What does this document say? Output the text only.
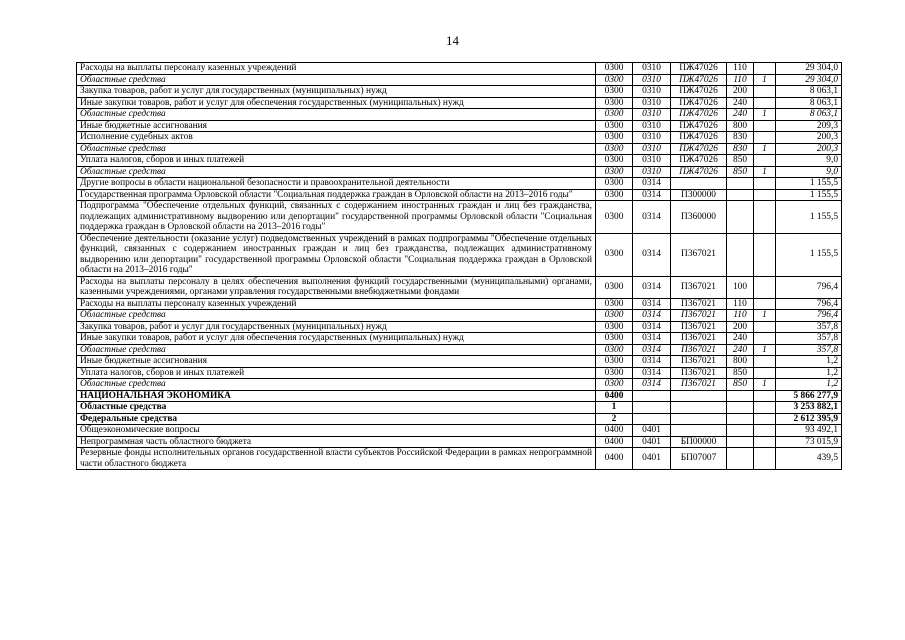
14
Расходы на выплаты персоналу казенных учреждений	0300	0310	ПЖ47026	110		29 304,0
Областные средства	0300	0310	ПЖ47026	110	1	29 304,0
Закупка товаров, работ и услуг для государственных (муниципальных) нужд	0300	0310	ПЖ47026	200		8 063,1
Иные закупки товаров, работ и услуг для обеспечения государственных (муниципальных) нужд	0300	0310	ПЖ47026	240		8 063,1
Областные средства	0300	0310	ПЖ47026	240	1	8 063,1
Иные бюджетные ассигнования	0300	0310	ПЖ47026	800		209,3
Исполнение судебных актов	0300	0310	ПЖ47026	830		200,3
Областные средства	0300	0310	ПЖ47026	830	1	200,3
Уплата налогов, сборов и иных платежей	0300	0310	ПЖ47026	850		9,0
Областные средства	0300	0310	ПЖ47026	850	1	9,0
Другие вопросы в области национальной безопасности и правоохранительной деятельности	0300	0314				1 155,5
Государственная программа Орловской области "Социальная поддержка граждан в Орловской области на 2013–2016 годы"	0300	0314	П300000			1 155,5
Подпрограмма "Обеспечение отдельных функций, связанных с содержанием иностранных граждан и лиц без гражданства, подлежащих административному выдворению или депортации" государственной программы Орловской области "Социальная поддержка граждан в Орловской области на 2013–2016 годы"	0300	0314	П360000			1 155,5
Обеспечение деятельности (оказание услуг) подведомственных учреждений в рамках подпрограммы "Обеспечение отдельных функций, связанных с содержанием иностранных граждан и лиц без гражданства, подлежащих административному выдворению или депортации" государственной программы Орловской области "Социальная поддержка граждан в Орловской области на 2013–2016 годы"	0300	0314	П367021			1 155,5
Расходы на выплаты персоналу в целях обеспечения выполнения функций государственными (муниципальными) органами, казенными учреждениями, органами управления государственными внебюджетными фондами	0300	0314	П367021	100		796,4
Расходы на выплаты персоналу казенных учреждений	0300	0314	П367021	110		796,4
Областные средства	0300	0314	П367021	110	1	796,4
Закупка товаров, работ и услуг для государственных (муниципальных) нужд	0300	0314	П367021	200		357,8
Иные закупки товаров, работ и услуг для обеспечения государственных (муниципальных) нужд	0300	0314	П367021	240		357,8
Областные средства	0300	0314	П367021	240	1	357,8
Иные бюджетные ассигнования	0300	0314	П367021	800		1,2
Уплата налогов, сборов и иных платежей	0300	0314	П367021	850		1,2
Областные средства	0300	0314	П367021	850	1	1,2
НАЦИОНАЛЬНАЯ ЭКОНОМИКА	0400					5 866 277,9
Областные средства	1					3 253 882,1
Федеральные средства	2					2 612 395,9
Общеэкономические вопросы	0400	0401				93 492,1
Непрограммная часть областного бюджета	0400	0401	БП00000			73 015,9
Резервные фонды исполнительных органов государственной власти субъектов Российской Федерации в рамках непрограммной части областного бюджета	0400	0401	БП07007			439,5
